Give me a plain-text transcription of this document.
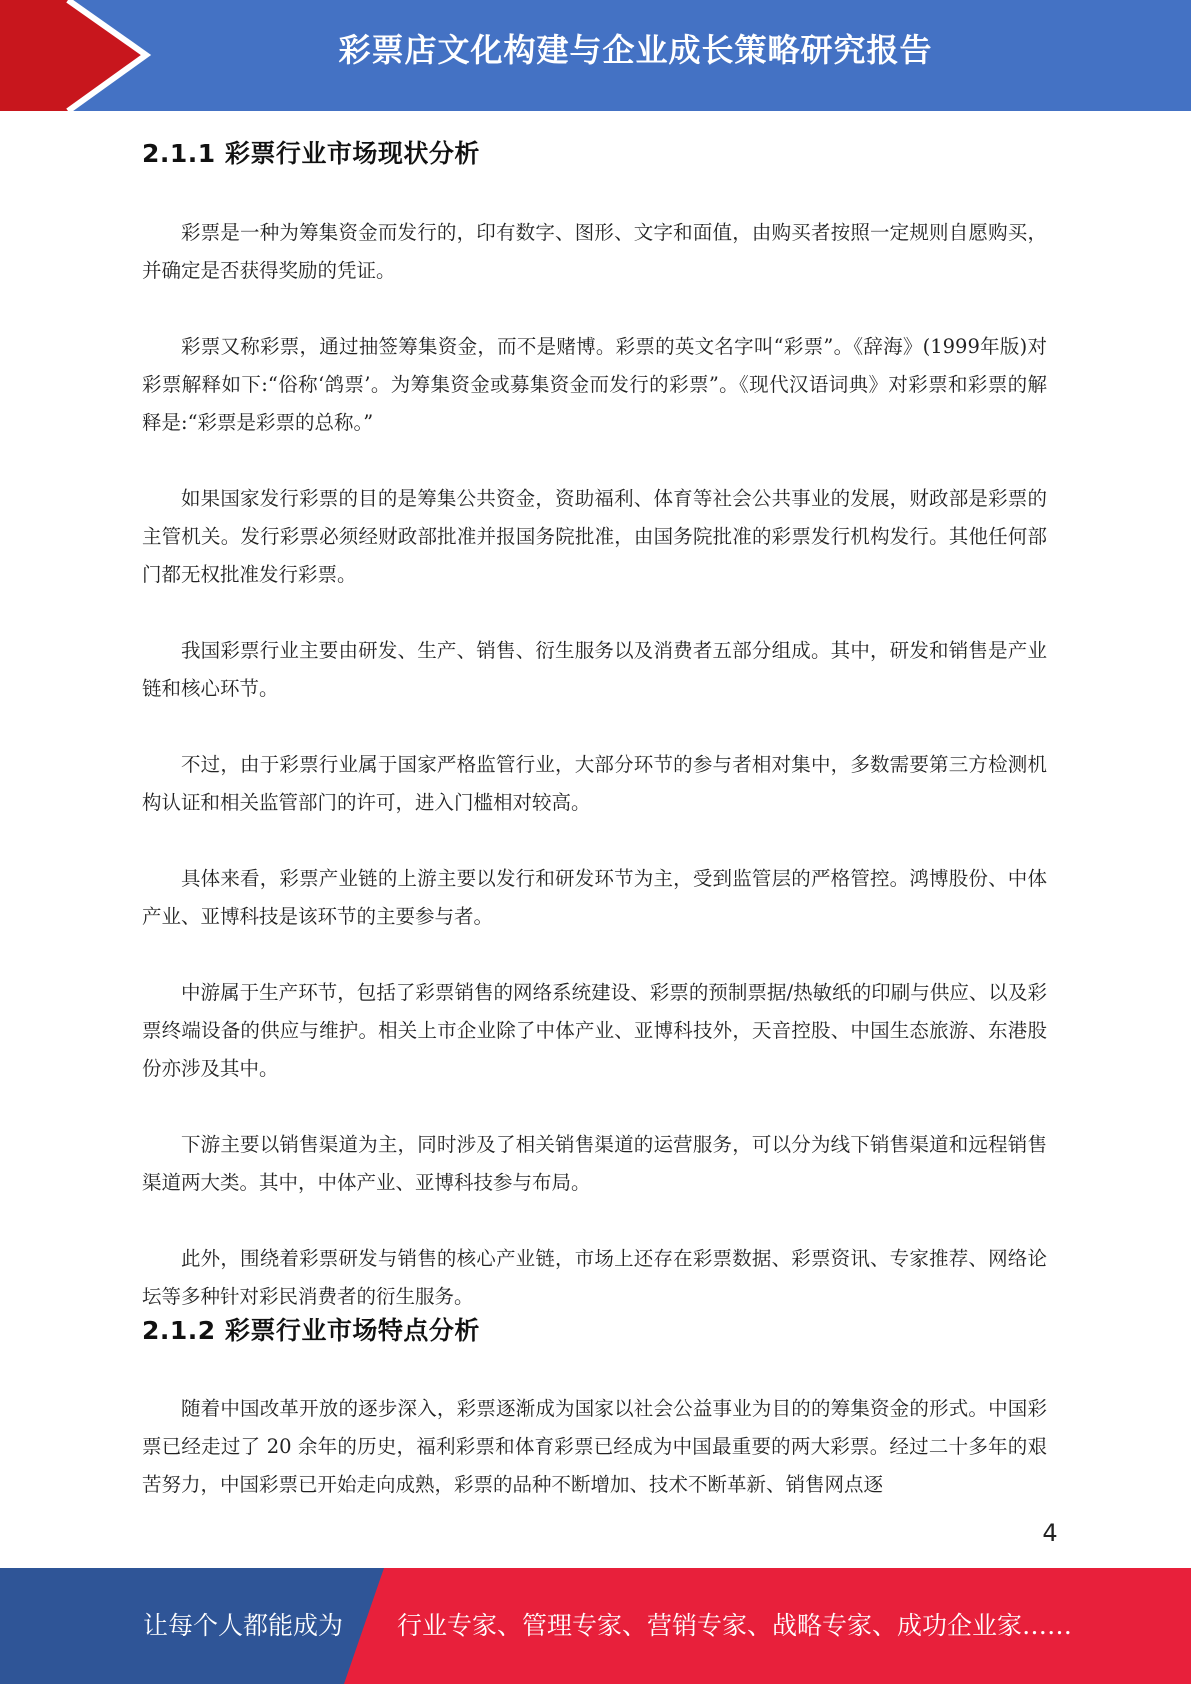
彩票店文化构建与企业成长策略研究报告
2.1.1 彩票行业市场现状分析

彩票是一种为筹集资金而发行的，印有数字、图形、文字和面值，由购买者按照一定规则自愿购买，并确定是否获得奖励的凭证。

彩票又称彩票，通过抽签筹集资金，而不是赌博。彩票的英文名字叫“彩票”。《辞海》(1999年版)对彩票解释如下:“俗称‘鸽票’。为筹集资金或募集资金而发行的彩票”。《现代汉语词典》对彩票和彩票的解释是:“彩票是彩票的总称。”

如果国家发行彩票的目的是筹集公共资金，资助福利、体育等社会公共事业的发展，财政部是彩票的主管机关。发行彩票必须经财政部批准并报国务院批准，由国务院批准的彩票发行机构发行。其他任何部门都无权批准发行彩票。

我国彩票行业主要由研发、生产、销售、衍生服务以及消费者五部分组成。其中，研发和销售是产业链和核心环节。

不过，由于彩票行业属于国家严格监管行业，大部分环节的参与者相对集中，多数需要第三方检测机构认证和相关监管部门的许可，进入门槛相对较高。

具体来看，彩票产业链的上游主要以发行和研发环节为主，受到监管层的严格管控。鸿博股份、中体产业、亚博科技是该环节的主要参与者。

中游属于生产环节，包括了彩票销售的网络系统建设、彩票的预制票据/热敏纸的印刷与供应、以及彩票终端设备的供应与维护。相关上市企业除了中体产业、亚博科技外，天音控股、中国生态旅游、东港股份亦涉及其中。

下游主要以销售渠道为主，同时涉及了相关销售渠道的运营服务，可以分为线下销售渠道和远程销售渠道两大类。其中，中体产业、亚博科技参与布局。

此外，围绕着彩票研发与销售的核心产业链，市场上还存在彩票数据、彩票资讯、专家推荐、网络论坛等多种针对彩民消费者的衍生服务。

2.1.2 彩票行业市场特点分析

随着中国改革开放的逐步深入，彩票逐渐成为国家以社会公益事业为目的的筹集资金的形式。中国彩票已经走过了 20 余年的历史，福利彩票和体育彩票已经成为中国最重要的两大彩票。经过二十多年的艰苦努力，中国彩票已开始走向成熟，彩票的品种不断增加、技术不断革新、销售网点逐

4
让每个人都能成为 行业专家、管理专家、营销专家、战略专家、成功企业家……
